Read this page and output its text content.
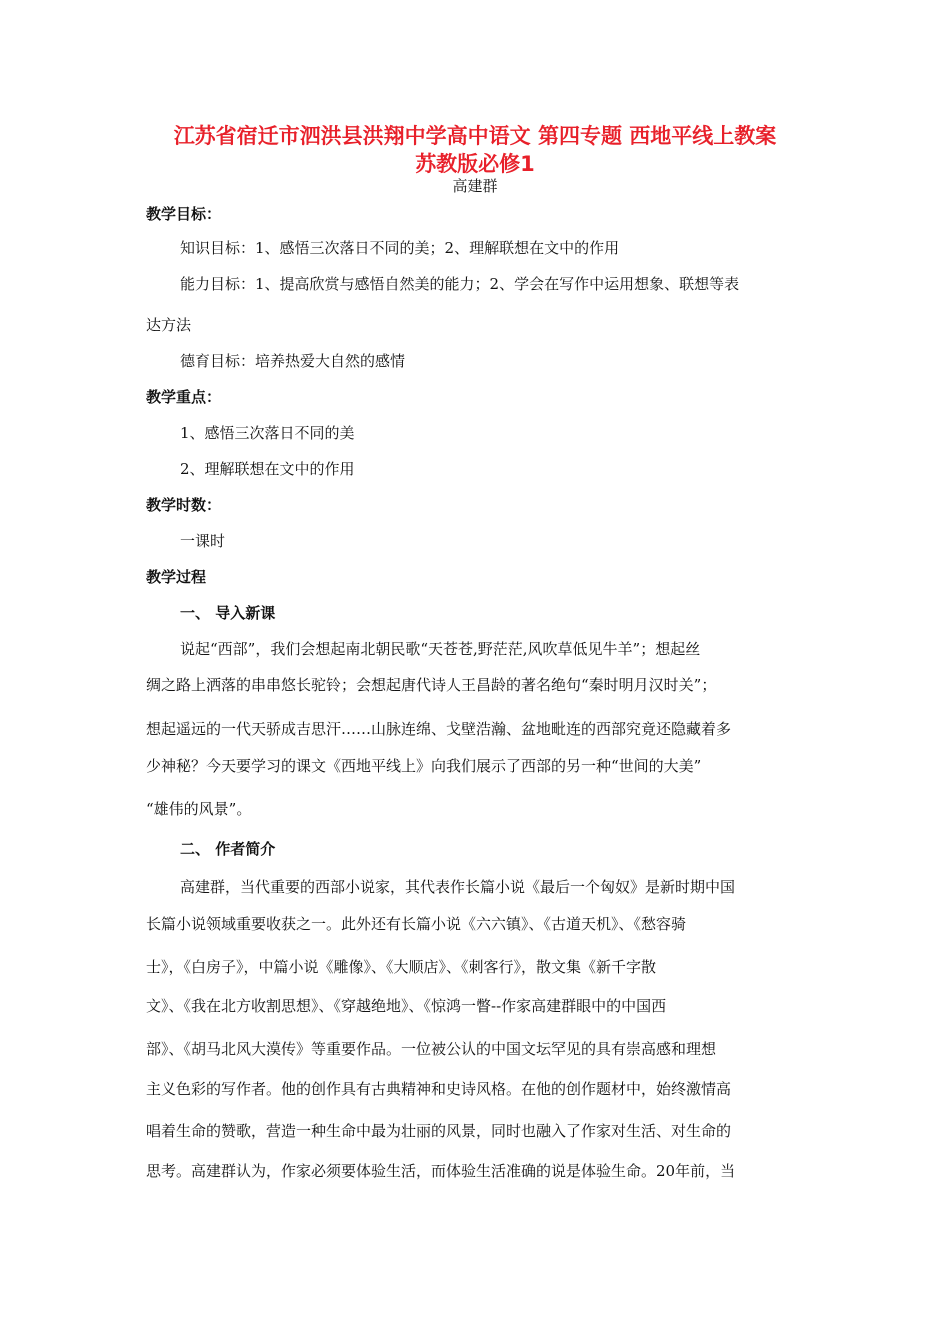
江苏省宿迁市泗洪县洪翔中学高中语文 第四专题 西地平线上教案
苏教版必修1
高建群
教学目标：
知识目标：1、感悟三次落日不同的美；2、理解联想在文中的作用
能力目标：1、提高欣赏与感悟自然美的能力；2、学会在写作中运用想象、联想等表
达方法
德育目标：培养热爱大自然的感情
教学重点：
1、感悟三次落日不同的美
2、理解联想在文中的作用
教学时数：
一课时
教学过程
一、 导入新课
说起“西部”，我们会想起南北朝民歌“天苍苍,野茫茫,风吹草低见牛羊”；想起丝
绸之路上洒落的串串悠长驼铃；会想起唐代诗人王昌龄的著名绝句“秦时明月汉时关”；
想起遥远的一代天骄成吉思汗……山脉连绵、戈壁浩瀚、盆地毗连的西部究竟还隐藏着多
少神秘？今天要学习的课文《西地平线上》向我们展示了西部的另一种“世间的大美”
“雄伟的风景”。
二、 作者简介
高建群，当代重要的西部小说家，其代表作长篇小说《最后一个匈奴》是新时期中国
长篇小说领域重要收获之一。此外还有长篇小说《六六镇》、《古道天机》、《愁容骑
士》，《白房子》，中篇小说《雕像》、《大顺店》、《刺客行》，散文集《新千字散
文》、《我在北方收割思想》、《穿越绝地》、《惊鸿一瞥--作家高建群眼中的中国西
部》、《胡马北风大漠传》等重要作品。一位被公认的中国文坛罕见的具有崇高感和理想
主义色彩的写作者。他的创作具有古典精神和史诗风格。在他的创作题材中，始终激情高
唱着生命的赞歌，营造一种生命中最为壮丽的风景，同时也融入了作家对生活、对生命的
思考。高建群认为，作家必须要体验生活，而体验生活准确的说是体验生命。20年前，当
